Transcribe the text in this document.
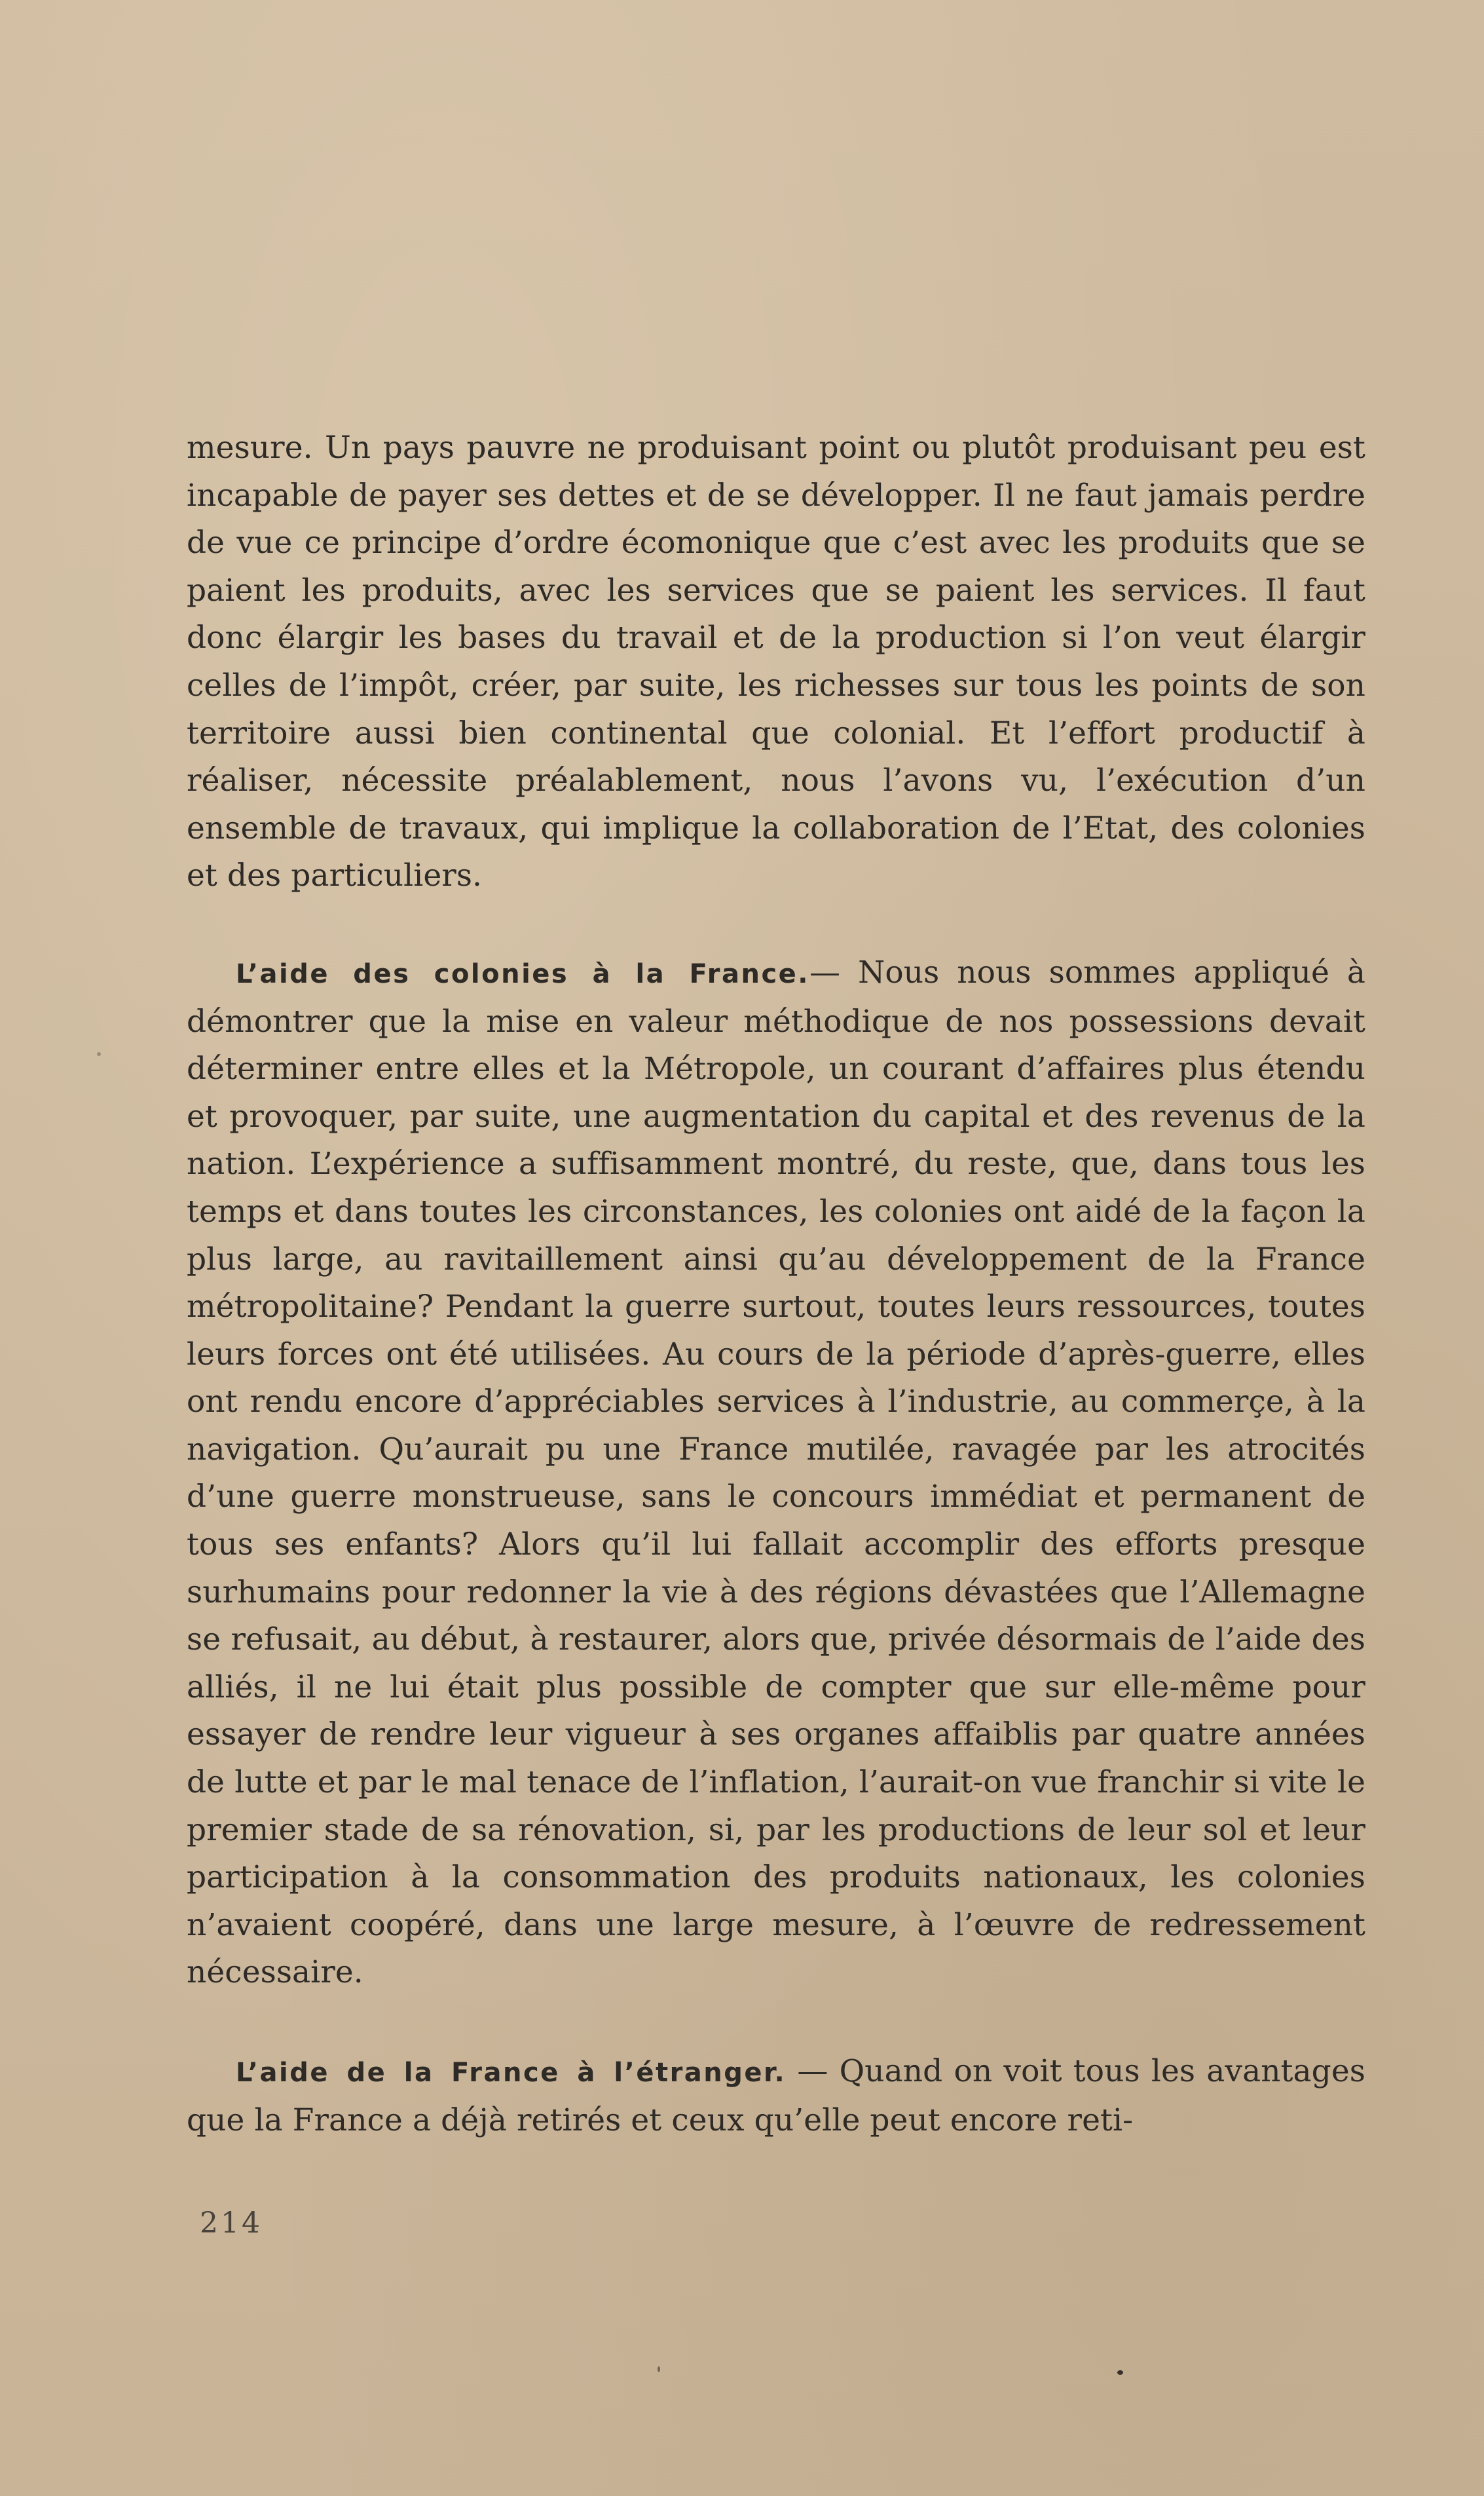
mesure. Un pays pauvre ne produisant point ou plutôt produisant peu est incapable de payer ses dettes et de se développer. Il ne faut jamais perdre de vue ce principe d’ordre écomonique que c’est avec les produits que se paient les produits, avec les services que se paient les services. Il faut donc élargir les bases du travail et de la production si l’on veut élargir celles de l’impôt, créer, par suite, les richesses sur tous les points de son territoire aussi bien continental que colonial. Et l’effort productif à réaliser, nécessite préalablement, nous l’avons vu, l’exécution d’un ensemble de travaux, qui implique la collaboration de l’Etat, des colonies et des particuliers.

L’aide des colonies à la France.— Nous nous sommes appliqué à démontrer que la mise en valeur méthodique de nos possessions devait déterminer entre elles et la Métropole, un courant d’affaires plus étendu et provoquer, par suite, une augmentation du capital et des revenus de la nation. L’expérience a suffisamment montré, du reste, que, dans tous les temps et dans toutes les circonstances, les colonies ont aidé de la façon la plus large, au ravitaillement ainsi qu’au développement de la France métropolitaine? Pendant la guerre surtout, toutes leurs ressources, toutes leurs forces ont été utilisées. Au cours de la période d’après-guerre, elles ont rendu encore d’appréciables services à l’industrie, au commerçe, à la navigation. Qu’aurait pu une France mutilée, ravagée par les atrocités d’une guerre monstrueuse, sans le concours immédiat et permanent de tous ses enfants? Alors qu’il lui fallait accomplir des efforts presque surhumains pour redonner la vie à des régions dévastées que l’Allemagne se refusait, au début, à restaurer, alors que, privée désormais de l’aide des alliés, il ne lui était plus possible de compter que sur elle-même pour essayer de rendre leur vigueur à ses organes affaiblis par quatre années de lutte et par le mal tenace de l’inflation, l’aurait-on vue franchir si vite le premier stade de sa rénovation, si, par les productions de leur sol et leur participation à la consommation des produits nationaux, les colonies n’avaient coopéré, dans une large mesure, à l’œuvre de redressement nécessaire.

L’aide de la France à l’étranger. — Quand on voit tous les avantages que la France a déjà retirés et ceux qu’elle peut encore reti-

214
